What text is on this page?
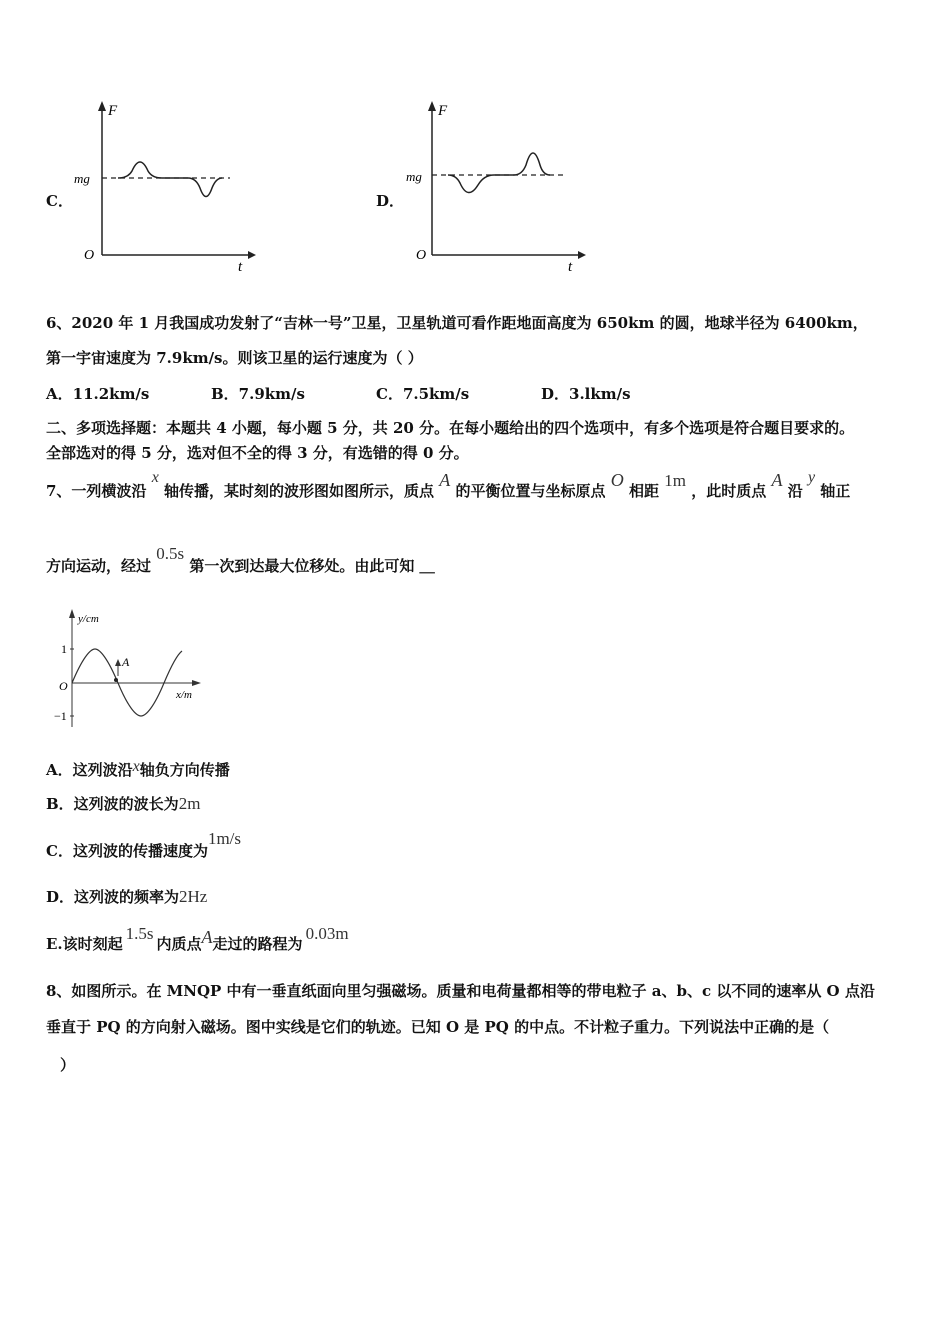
C．
F
mg
O
t
D．
F
mg
O
t
6、2020 年 1 月我国成功发射了“吉林一号”卫星，卫星轨道可看作距地面高度为 650km 的圆，地球半径为 6400km，
第一宇宙速度为 7.9km/s。则该卫星的运行速度为（ ）
A．11.2km/s	B．7.9km/s	C．7.5km/s	D．3.lkm/s
二、多项选择题：本题共 4 小题，每小题 5 分，共 20 分。在每小题给出的四个选项中，有多个选项是符合题目要求的。
全部选对的得 5 分，选对但不全的得 3 分，有选错的得 0 分。
7、一列横波沿 x 轴传播，某时刻的波形图如图所示，质点 A 的平衡位置与坐标原点 O 相距 1m ，此时质点 A 沿 y 轴正
方向运动，经过 0.5s 第一次到达最大位移处。由此可知 ＿
y/cm
x/m
1
−1
O
A
A．这列波沿x轴负方向传播
B．这列波的波长为2m
C．这列波的传播速度为1m/s
D．这列波的频率为2Hz
E.该时刻起1.5s内质点A走过的路程为0.03m
8、如图所示。在 MNQP 中有一垂直纸面向里匀强磁场。质量和电荷量都相等的带电粒子 a、b、c 以不同的速率从 O 点沿
垂直于 PQ 的方向射入磁场。图中实线是它们的轨迹。已知 O 是 PQ 的中点。不计粒子重力。下列说法中正确的是（
）
